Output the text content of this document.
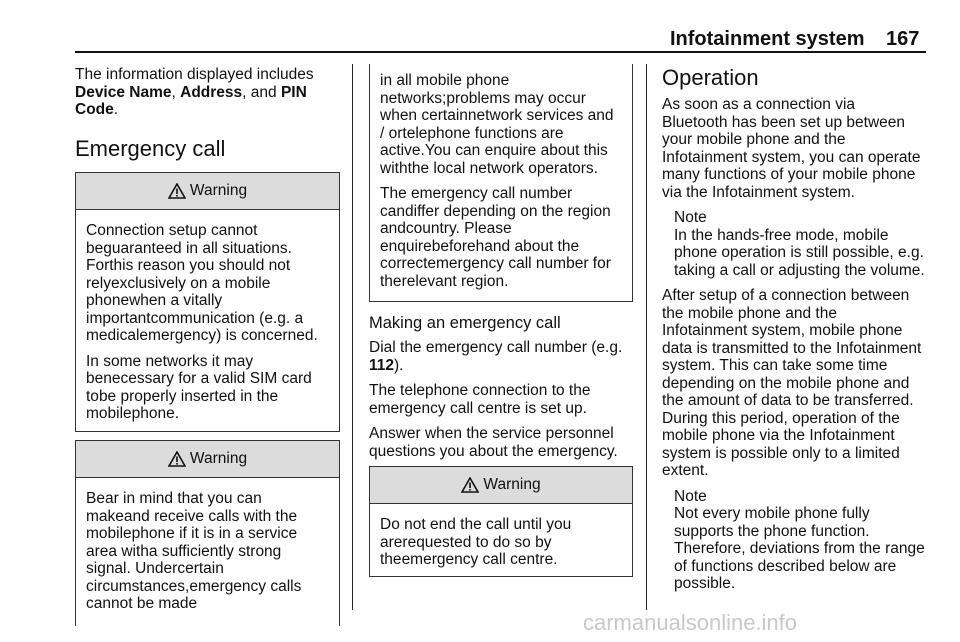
Infotainment system 167

The information displayed includes
Device Name, Address, and PIN
Code.

Emergency call
Warning

Connection setup cannot beguaranteed in all situations. Forthis reason you should not relyexclusively on a mobile phonewhen a vitally importantcommunication (e.g. a medicalemergency) is concerned.

In some networks it may benecessary for a valid SIM card tobe properly inserted in the mobilephone.

Warning

Bear in mind that you can makeand receive calls with the mobilephone if it is in a service area witha sufficiently strong signal. Undercertain circumstances,emergency calls cannot be made

in all mobile phone networks;problems may occur when certainnetwork services and / ortelephone functions are active.You can enquire about this withthe local network operators.

The emergency call number candiffer depending on the region andcountry. Please enquirebeforehand about the correctemergency call number for therelevant region.

Making an emergency call

Dial the emergency call number (e.g.
112).

The telephone connection to the
emergency call centre is set up.

Answer when the service personnel
questions you about the emergency.

Warning

Do not end the call until you arerequested to do so by theemergency call centre.

Operation

As soon as a connection via
Bluetooth has been set up between
your mobile phone and the
Infotainment system, you can operate
many functions of your mobile phone
via the Infotainment system.

Note
In the hands-free mode, mobile
phone operation is still possible, e.g.
taking a call or adjusting the volume.

After setup of a connection between
the mobile phone and the
Infotainment system, mobile phone
data is transmitted to the Infotainment
system. This can take some time
depending on the mobile phone and
the amount of data to be transferred.
During this period, operation of the
mobile phone via the Infotainment
system is possible only to a limited
extent.

Note
Not every mobile phone fully
supports the phone function.
Therefore, deviations from the range
of functions described below are
possible.
carmanualsonline.info
